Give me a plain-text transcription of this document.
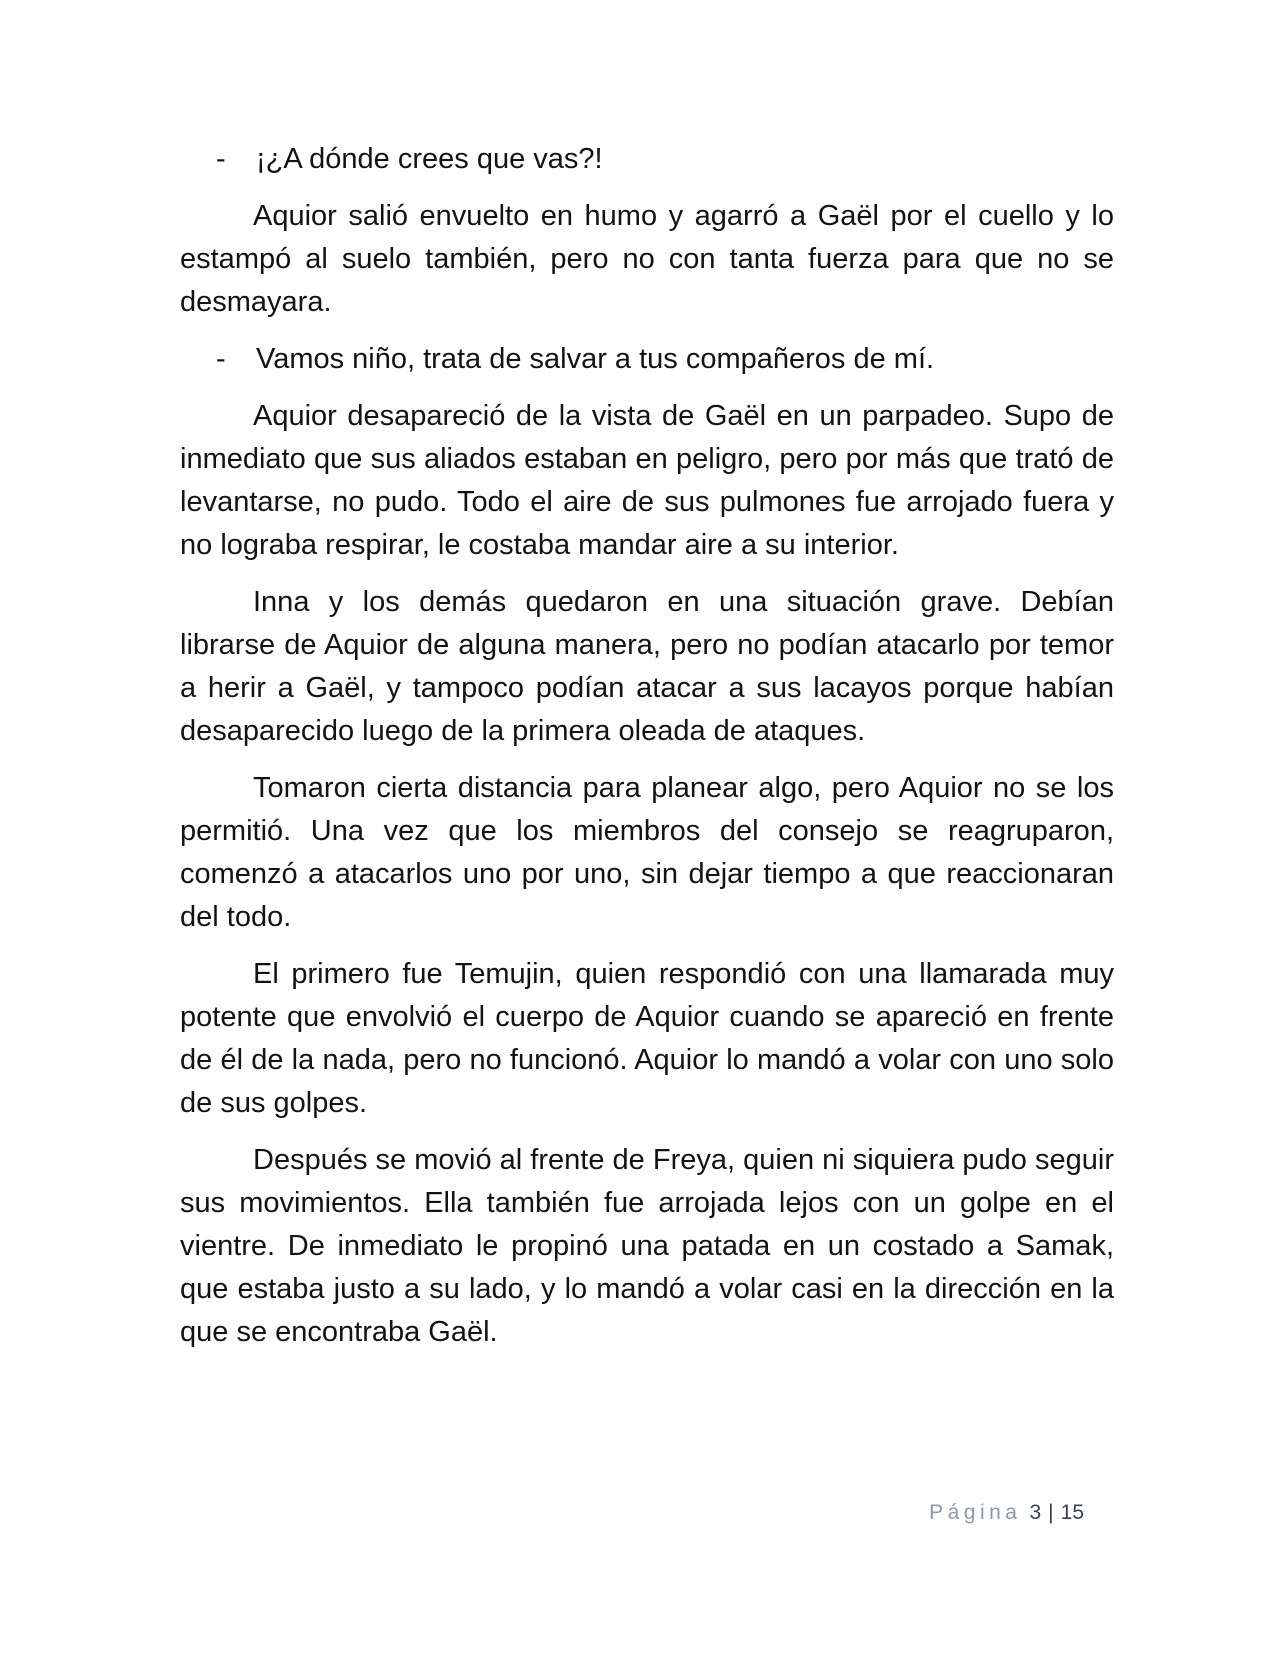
- ¡¿A dónde crees que vas?!
Aquior salió envuelto en humo y agarró a Gaël por el cuello y lo estampó al suelo también, pero no con tanta fuerza para que no se desmayara.
- Vamos niño, trata de salvar a tus compañeros de mí.
Aquior desapareció de la vista de Gaël en un parpadeo. Supo de inmediato que sus aliados estaban en peligro, pero por más que trató de levantarse, no pudo. Todo el aire de sus pulmones fue arrojado fuera y no lograba respirar, le costaba mandar aire a su interior.
Inna y los demás quedaron en una situación grave. Debían librarse de Aquior de alguna manera, pero no podían atacarlo por temor a herir a Gaël, y tampoco podían atacar a sus lacayos porque habían desaparecido luego de la primera oleada de ataques.
Tomaron cierta distancia para planear algo, pero Aquior no se los permitió. Una vez que los miembros del consejo se reagruparon, comenzó a atacarlos uno por uno, sin dejar tiempo a que reaccionaran del todo.
El primero fue Temujin, quien respondió con una llamarada muy potente que envolvió el cuerpo de Aquior cuando se apareció en frente de él de la nada, pero no funcionó. Aquior lo mandó a volar con uno solo de sus golpes.
Después se movió al frente de Freya, quien ni siquiera pudo seguir sus movimientos. Ella también fue arrojada lejos con un golpe en el vientre. De inmediato le propinó una patada en un costado a Samak, que estaba justo a su lado, y lo mandó a volar casi en la dirección en la que se encontraba Gaël.
Página 3 | 15
